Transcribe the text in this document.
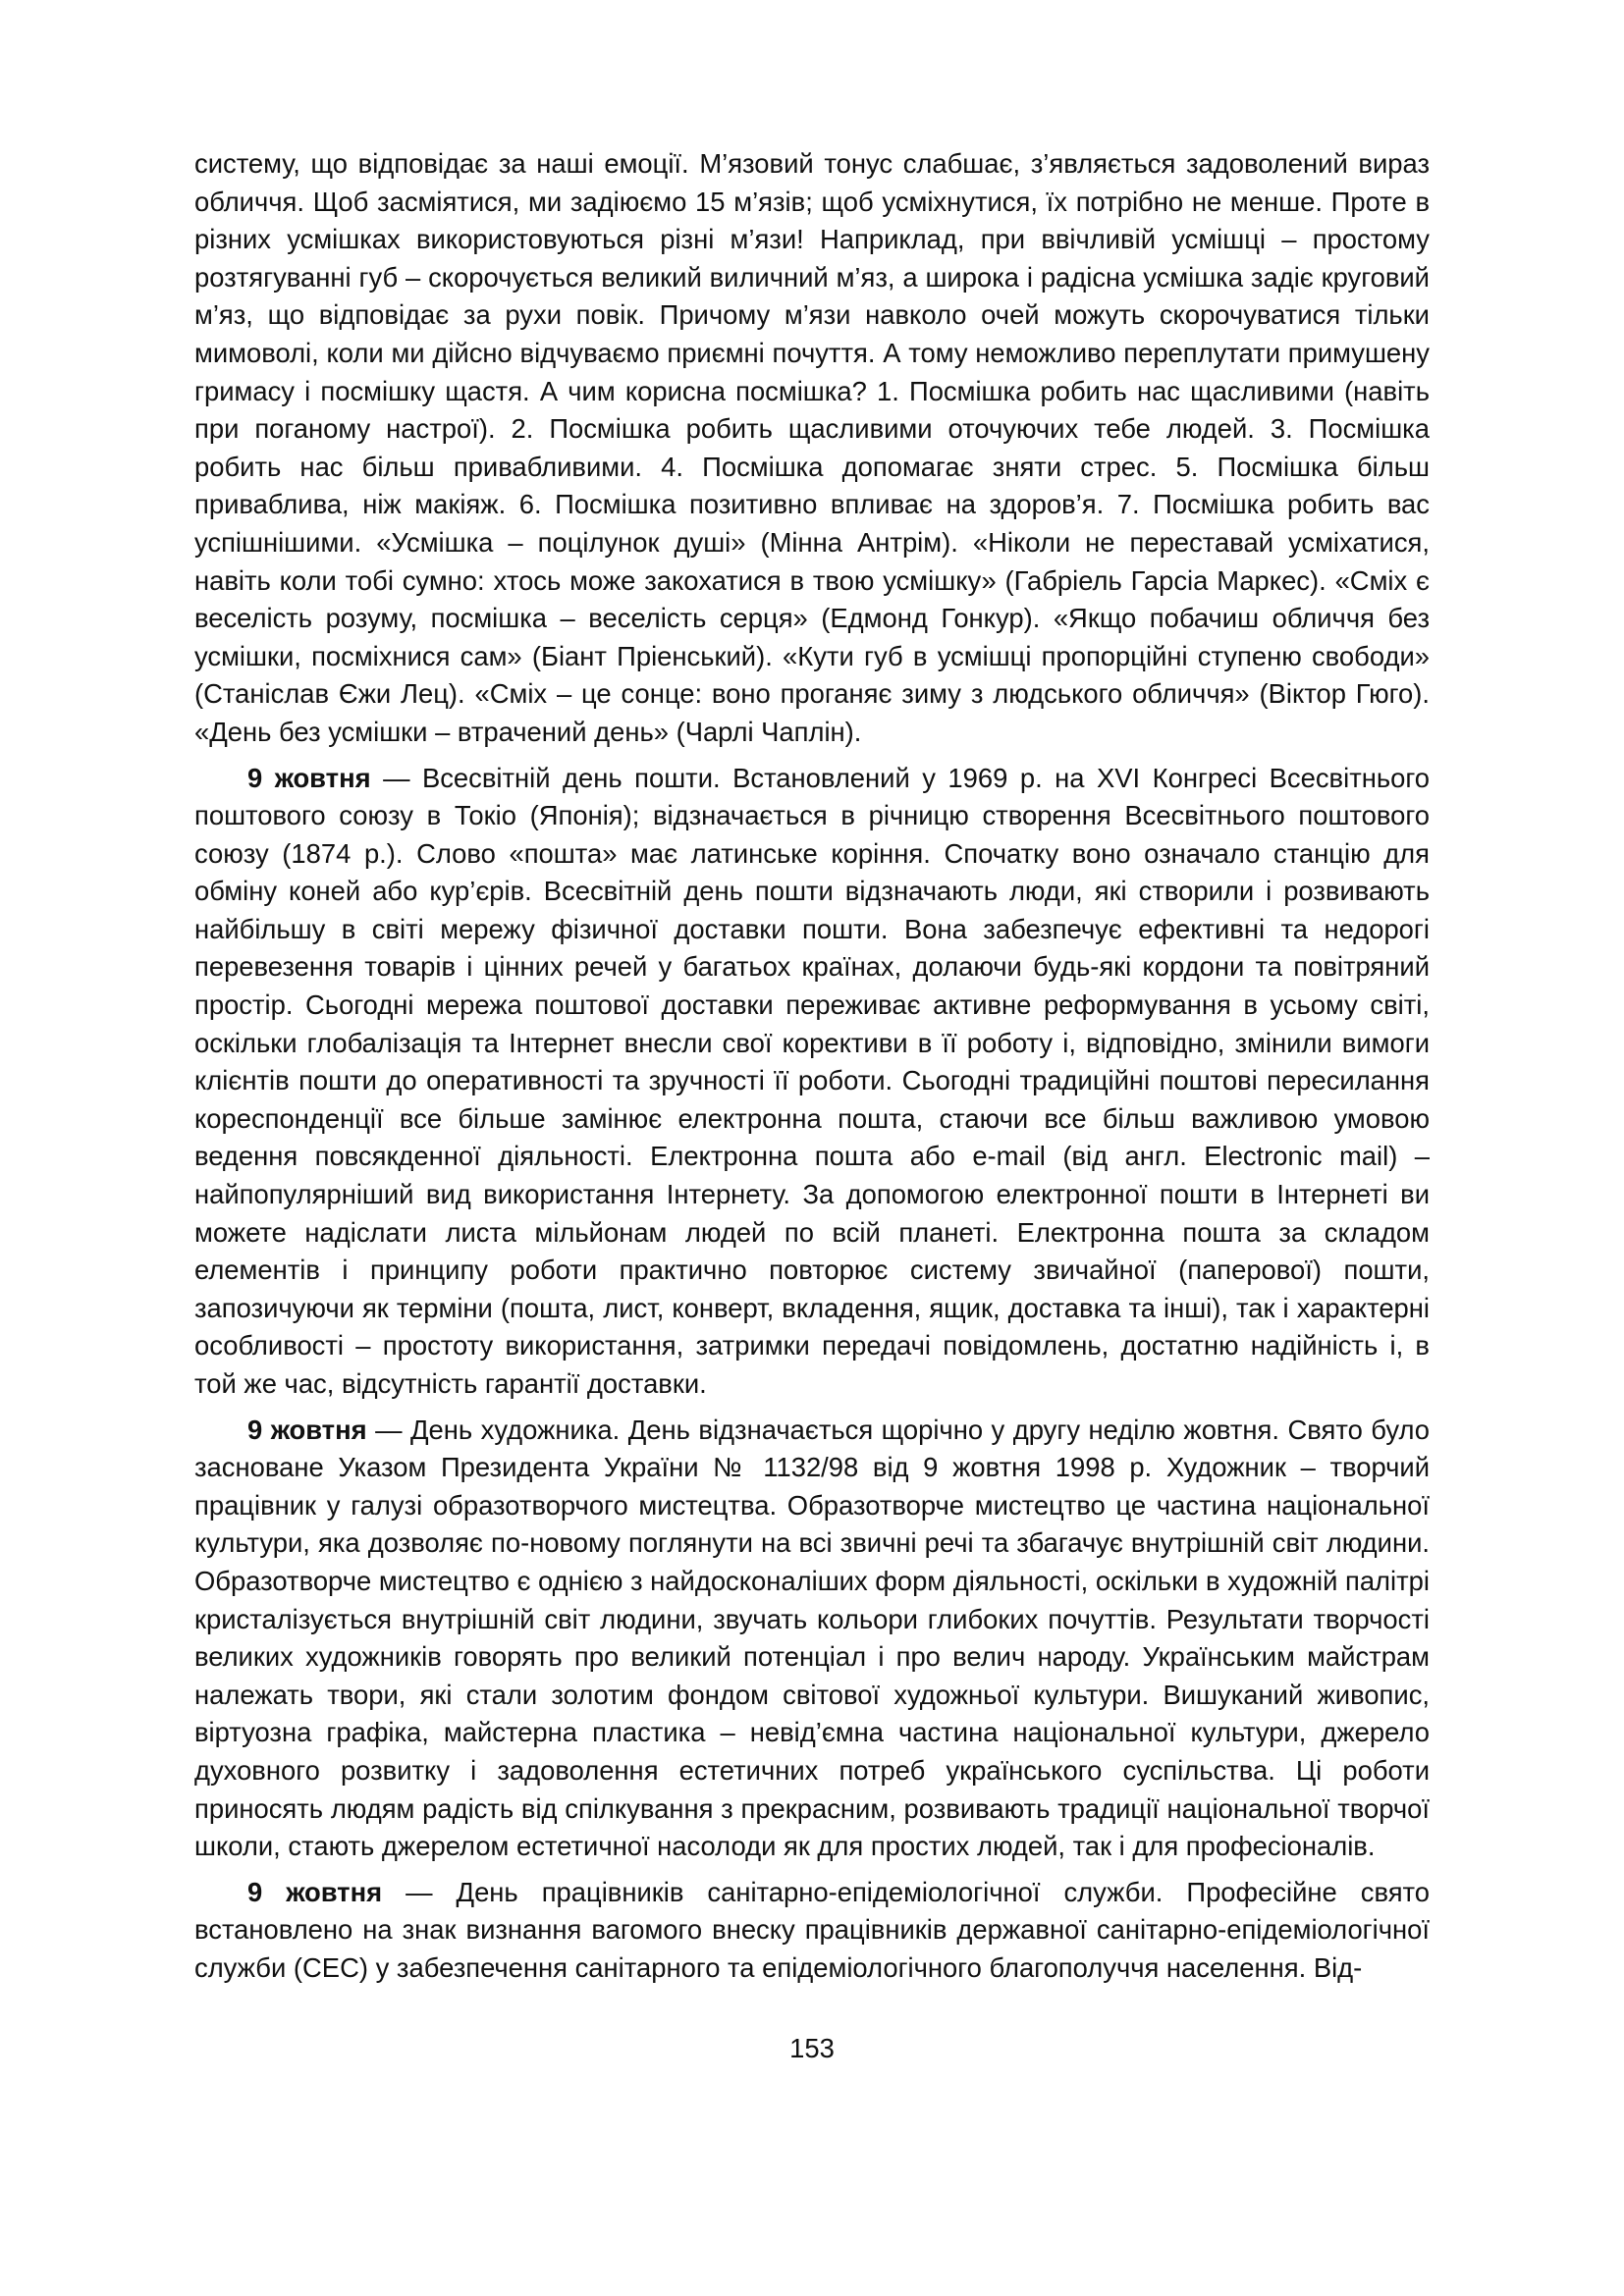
систему, що відповідає за наші емоції. М’язовий тонус слабшає, з’являється задоволений вираз обличчя. Щоб засміятися, ми задіюємо 15 м’язів; щоб усміхнутися, їх потрібно не менше. Проте в різних усмішках використовуються різні м’язи! Наприклад, при ввічливій усмішці – простому розтягуванні губ – скорочується великий виличний м’яз, а широка і радісна усмішка задіє круговий м’яз, що відповідає за рухи повік. Причому м’язи навколо очей можуть скорочуватися тільки мимоволі, коли ми дійсно відчуваємо приємні почуття. А тому неможливо переплутати примушену гримасу і посмішку щастя. А чим корисна посмішка? 1. Посмішка робить нас щасливими (навіть при поганому настрої). 2. Посмішка робить щасливими оточуючих тебе людей. 3. Посмішка робить нас більш привабливими. 4. Посмішка допомагає зняти стрес. 5. Посмішка більш приваблива, ніж макіяж. 6. Посмішка позитивно впливає на здоров’я. 7. Посмішка робить вас успішнішими. «Усмішка – поцілунок душі» (Мінна Антрім). «Ніколи не переставай усміхатися, навіть коли тобі сумно: хтось може закохатися в твою усмішку» (Габріель Гарсіа Маркес). «Сміх є веселість розуму, посмішка – веселість серця» (Едмонд Гонкур). «Якщо побачиш обличчя без усмішки, посміхнися сам» (Біант Пріенський). «Кути губ в усмішці пропорційні ступеню свободи» (Станіслав Єжи Лец). «Сміх – це сонце: воно проганяє зиму з людського обличчя» (Віктор Гюго). «День без усмішки – втрачений день» (Чарлі Чаплін).

9 жовтня — Всесвітній день пошти. Встановлений у 1969 р. на XVI Конгресі Всесвітнього поштового союзу в Токіо (Японія); відзначається в річницю створення Всесвітнього поштового союзу (1874 р.). Слово «пошта» має латинське коріння. Спочатку воно означало станцію для обміну коней або кур’єрів. Всесвітній день пошти відзначають люди, які створили і розвивають найбільшу в світі мережу фізичної доставки пошти. Вона забезпечує ефективні та недорогі перевезення товарів і цінних речей у багатьох країнах, долаючи будь-які кордони та повітряний простір. Сьогодні мережа поштової доставки переживає активне реформування в усьому світі, оскільки глобалізація та Інтернет внесли свої корективи в її роботу і, відповідно, змінили вимоги клієнтів пошти до оперативності та зручності її роботи. Сьогодні традиційні поштові пересилання кореспонденції все більше замінює електронна пошта, стаючи все більш важливою умовою ведення повсякденної діяльності. Електронна пошта або e-mail (від англ. Electronic mail) – найпопулярніший вид використання Інтернету. За допомогою електронної пошти в Інтернеті ви можете надіслати листа мільйонам людей по всій планеті. Електронна пошта за складом елементів і принципу роботи практично повторює систему звичайної (паперової) пошти, запозичуючи як терміни (пошта, лист, конверт, вкладення, ящик, доставка та інші), так і характерні особливості – простоту використання, затримки передачі повідомлень, достатню надійність і, в той же час, відсутність гарантії доставки.

9 жовтня — День художника. День відзначається щорічно у другу неділю жовтня. Свято було засноване Указом Президента України № 1132/98 від 9 жовтня 1998 р. Художник – творчий працівник у галузі образотворчого мистецтва. Образотворче мистецтво це частина національної культури, яка дозволяє по-новому поглянути на всі звичні речі та збагачує внутрішній світ людини. Образотворче мистецтво є однією з найдосконаліших форм діяльності, оскільки в художній палітрі кристалізується внутрішній світ людини, звучать кольори глибоких почуттів. Результати творчості великих художників говорять про великий потенціал і про велич народу. Українським майстрам належать твори, які стали золотим фондом світової художньої культури. Вишуканий живопис, віртуозна графіка, майстерна пластика – невід’ємна частина національної культури, джерело духовного розвитку і задоволення естетичних потреб українського суспільства. Ці роботи приносять людям радість від спілкування з прекрасним, розвивають традиції національної творчої школи, стають джерелом естетичної насолоди як для простих людей, так і для професіоналів.

9 жовтня — День працівників санітарно-епідеміологічної служби. Професійне свято встановлено на знак визнання вагомого внеску працівників державної санітарно-епідеміологічної служби (СЕС) у забезпечення санітарного та епідеміологічного благополуччя населення. Від-

153
